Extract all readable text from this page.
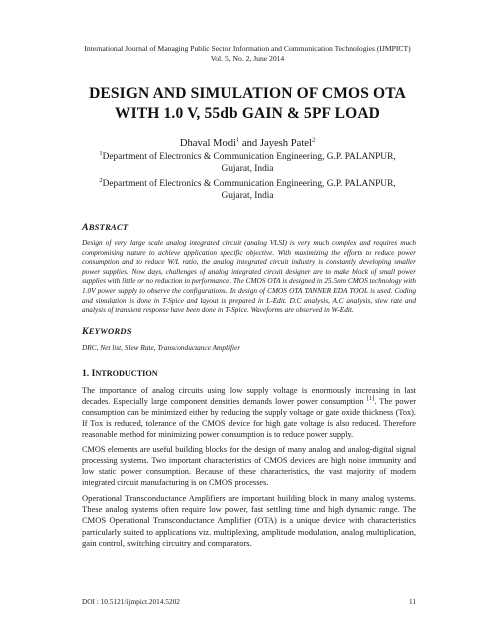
International Journal of Managing Public Sector Information and Communication Technologies (IJMPICT)
Vol. 5, No. 2, June 2014
DESIGN AND SIMULATION OF CMOS OTA
WITH 1.0 V, 55db GAIN & 5PF LOAD
Dhaval Modi$^1$ and Jayesh Patel$^2$
$^1$Department of Electronics & Communication Engineering, G.P. PALANPUR,
Gujarat, India
$^2$Department of Electronics & Communication Engineering, G.P. PALANPUR,
Gujarat, India
ABSTRACT
Design of very large scale analog integrated circuit (analog VLSI) is very much complex and requires much compromising nature to achieve application specific objective. With maximizing the efforts to reduce power consumption and to reduce W/L ratio, the analog integrated circuit industry is constantly developing smaller power supplies. Now days, challenges of analog integrated circuit designer are to make block of small power supplies with little or no reduction in performance. The CMOS OTA is designed in 25.5nm CMOS technology with 1.0V power supply to observe the configurations. In design of CMOS OTA TANNER EDA TOOL is used. Coding and simulation is done in T-Spice and layout is prepared in L-Edit. D.C analysis, A.C analysis, slew rate and analysis of transient response have been done in T-Spice. Waveforms are observed in W-Edit.
KEYWORDS
DRC, Net list, Slew Rate, Transconductance Amplifier
1. INTRODUCTION
The importance of analog circuits using low supply voltage is enormously increasing in last decades. Especially large component densities demands lower power consumption [1]. The power consumption can be minimized either by reducing the supply voltage or gate oxide thickness (Tox). If Tox is reduced, tolerance of the CMOS device for high gate voltage is also reduced. Therefore reasonable method for minimizing power consumption is to reduce power supply.
CMOS elements are useful building blocks for the design of many analog and analog-digital signal processing systems. Two important characteristics of CMOS devices are high noise immunity and low static power consumption. Because of these characteristics, the vast majority of modern integrated circuit manufacturing is on CMOS processes.
Operational Transconductance Amplifiers are important building block in many analog systems. These analog systems often require low power, fast settling time and high dynamic range. The CMOS Operational Transconductance Amplifier (OTA) is a unique device with characteristics particularly suited to applications viz. multiplexing, amplitude modulation, analog multiplication, gain control, switching circuitry and comparators.
DOI : 10.5121/ijmpict.2014.5202	11
